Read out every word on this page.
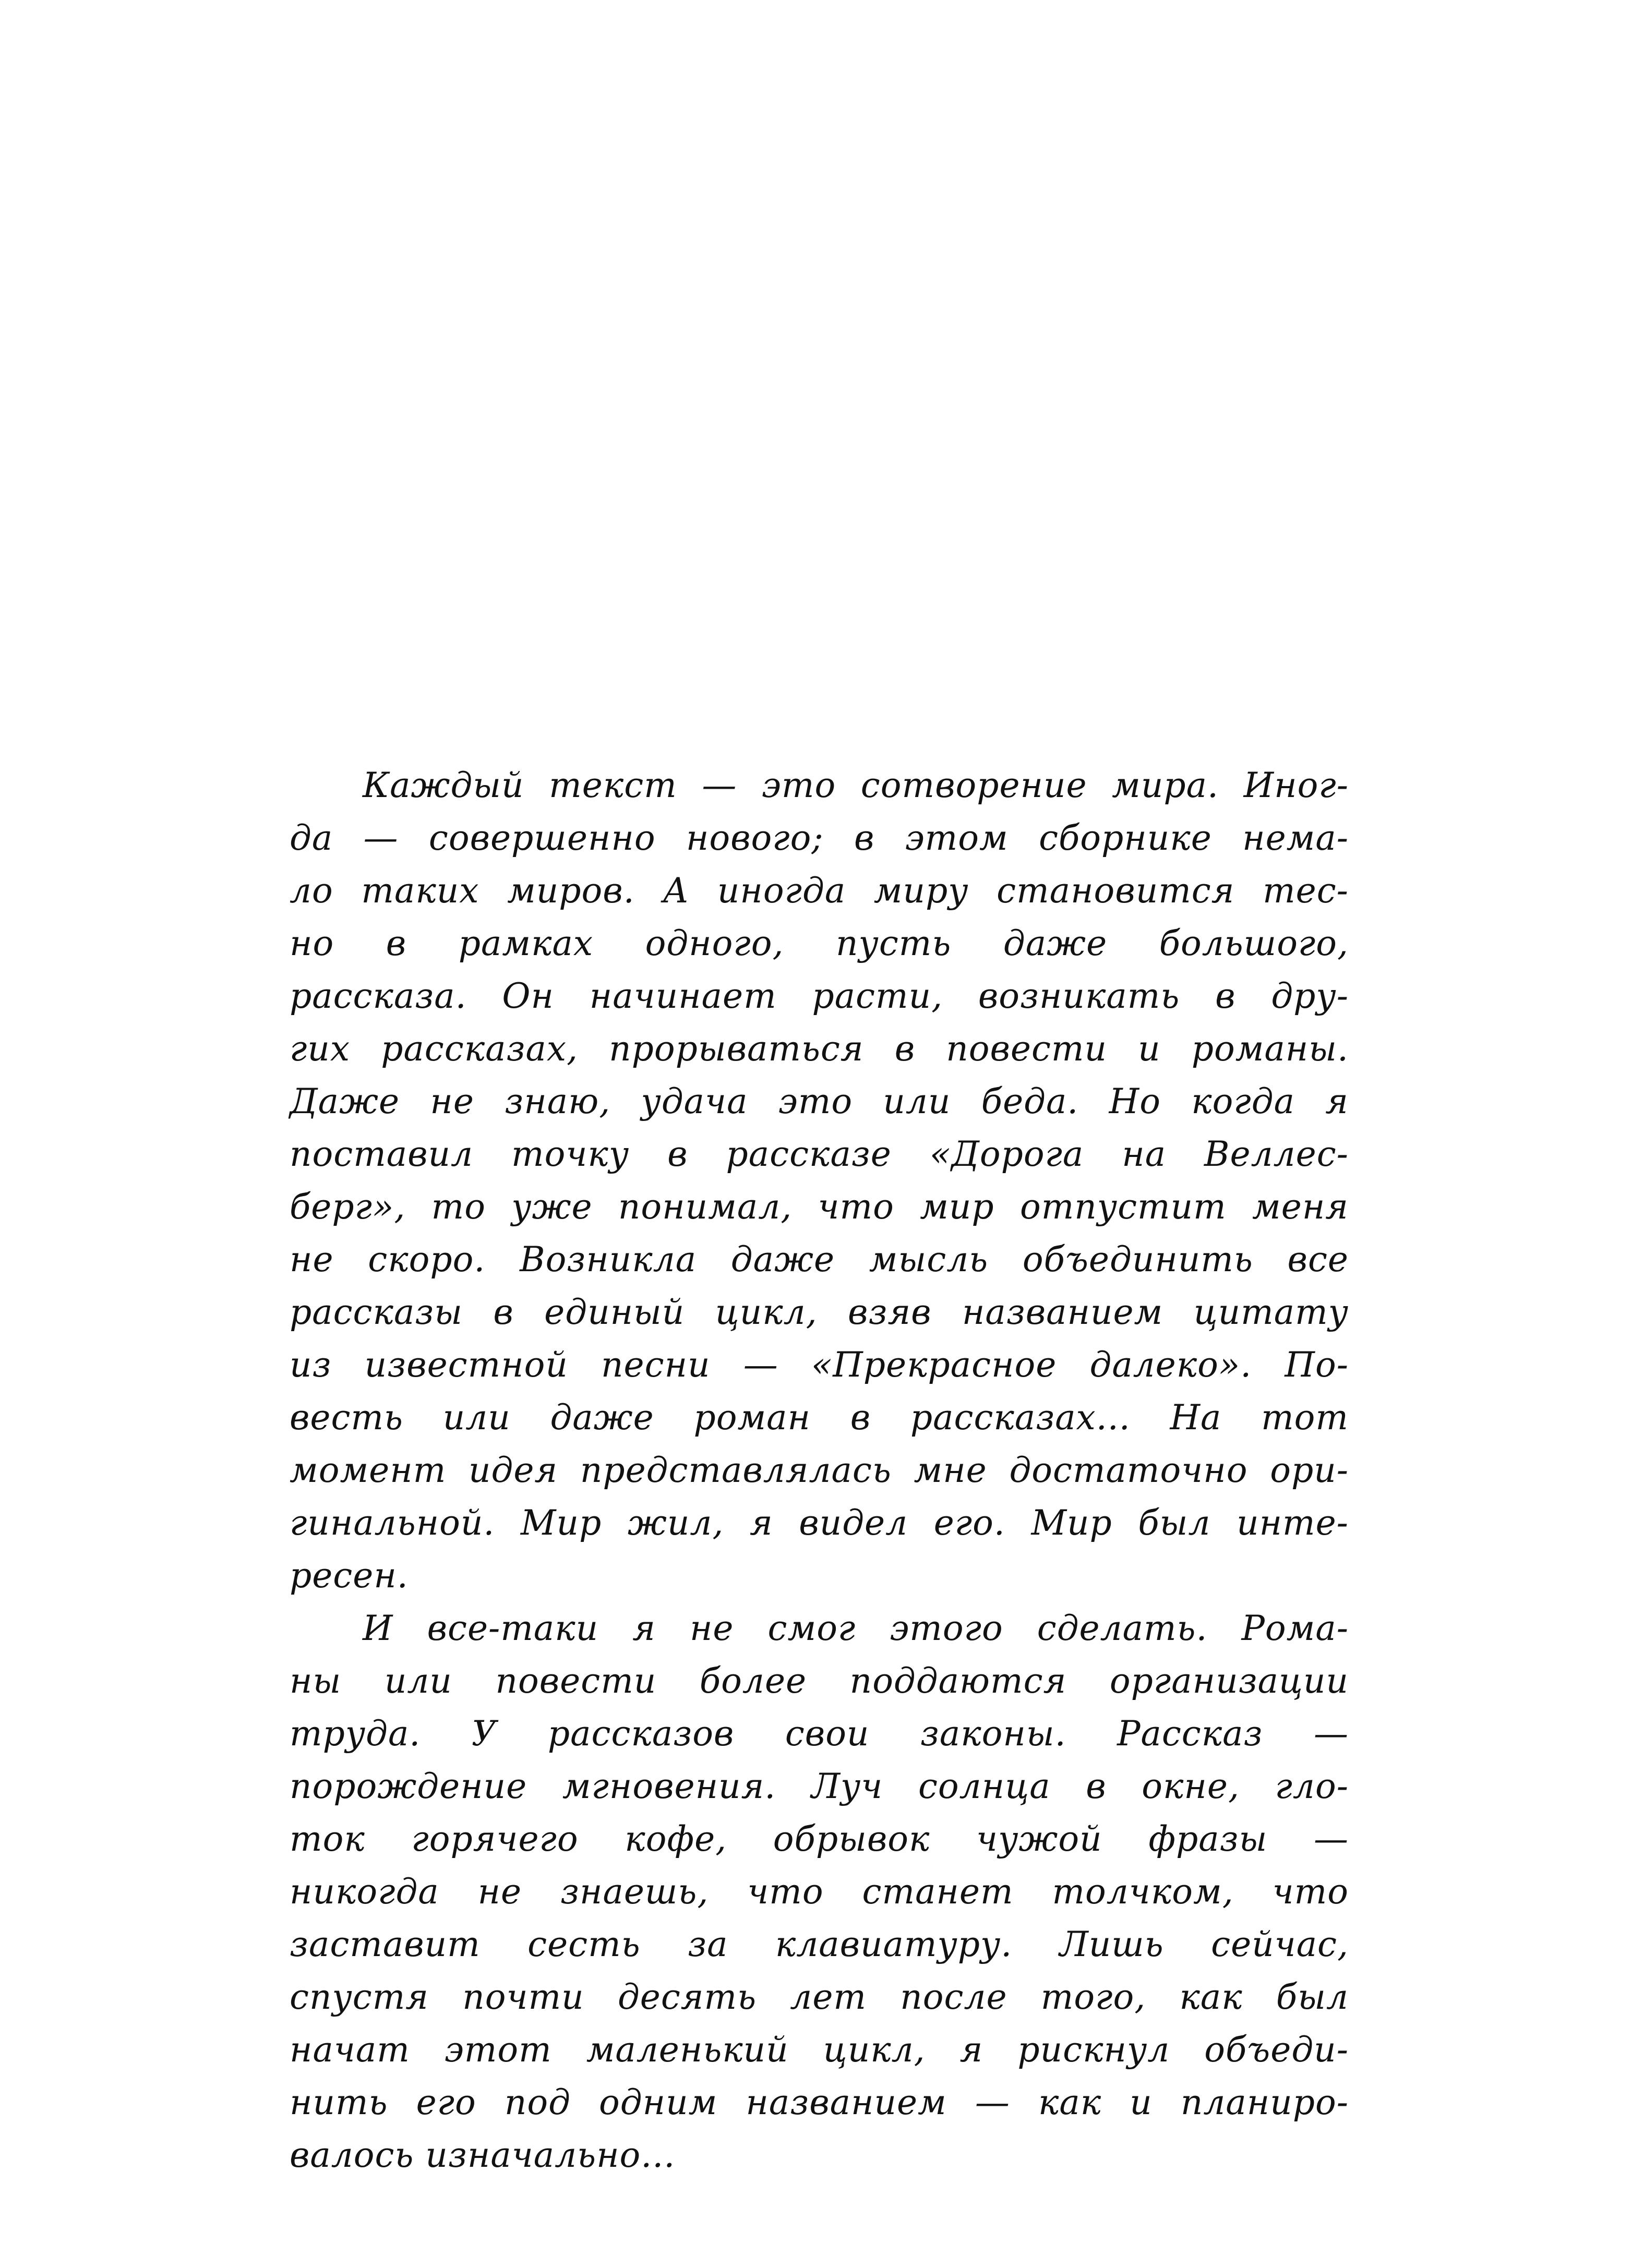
Каждый текст — это сотворение мира. Иног-
да — совершенно нового; в этом сборнике нема-
ло таких миров. А иногда миру становится тес-
но в рамках одного, пусть даже большого,
рассказа. Он начинает расти, возникать в дру-
гих рассказах, прорываться в повести и романы.
Даже не знаю, удача это или беда. Но когда я
поставил точку в рассказе «Дорога на Веллес-
берг», то уже понимал, что мир отпустит меня
не скоро. Возникла даже мысль объединить все
рассказы в единый цикл, взяв названием цитату
из известной песни — «Прекрасное далеко». По-
весть или даже роман в рассказах... На тот
момент идея представлялась мне достаточно ори-
гинальной. Мир жил, я видел его. Мир был инте-
ресен.

И все-таки я не смог этого сделать. Рома-
ны или повести более поддаются организации
труда. У рассказов свои законы. Рассказ —
порождение мгновения. Луч солнца в окне, гло-
ток горячего кофе, обрывок чужой фразы —
никогда не знаешь, что станет толчком, что
заставит сесть за клавиатуру. Лишь сейчас,
спустя почти десять лет после того, как был
начат этот маленький цикл, я рискнул объеди-
нить его под одним названием — как и планиро-
валось изначально...
